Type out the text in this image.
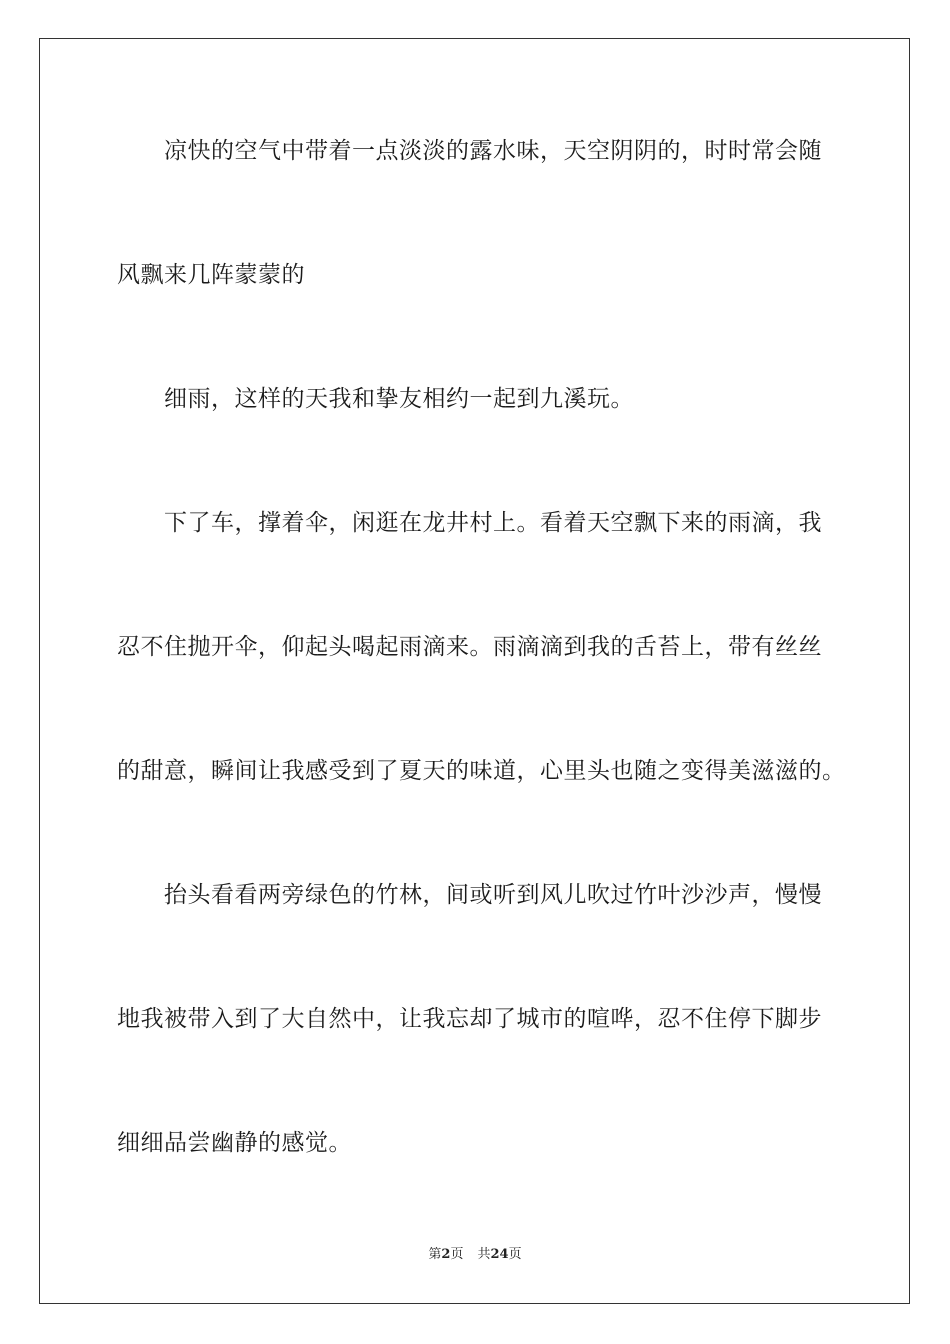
凉快的空气中带着一点淡淡的露水味，天空阴阴的，时时常会随
风飘来几阵蒙蒙的
细雨，这样的天我和挚友相约一起到九溪玩。
下了车，撑着伞，闲逛在龙井村上。看着天空飘下来的雨滴，我
忍不住抛开伞，仰起头喝起雨滴来。雨滴滴到我的舌苔上，带有丝丝
的甜意，瞬间让我感受到了夏天的味道，心里头也随之变得美滋滋的。
抬头看看两旁绿色的竹林，间或听到风儿吹过竹叶沙沙声，慢慢
地我被带入到了大自然中，让我忘却了城市的喧哗，忍不住停下脚步
细细品尝幽静的感觉。
第2页 共24页
